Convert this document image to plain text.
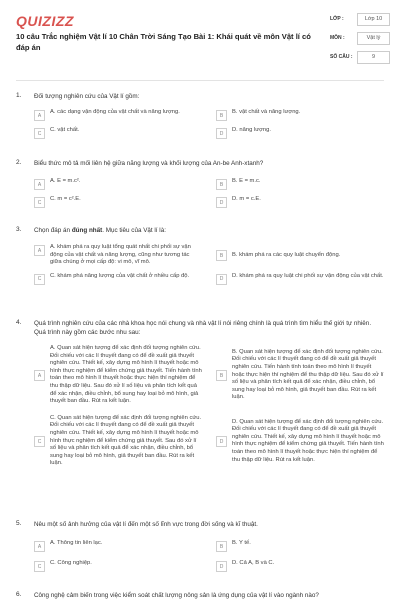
QUIZIZZ
10 câu Trắc nghiệm Vật lí 10 Chân Trời Sáng Tạo Bài 1: Khái quát về môn Vật lí có đáp án
LỚP :	Lớp 10
MÔN :	Vật lý
SỐ CÂU :	9
1. Đối tượng nghiên cứu của Vật lí gồm:
A
A. các dạng vận động của vật chất và năng lượng.
B
B. vật chất và năng lượng.
C
C. vật chất.
D
D. năng lượng.
2. Biểu thức mô tả mối liên hệ giữa năng lượng và khối lượng của An-be Anh-xtanh?
A
A. E = m.c².
B
B. E = m.c.
C
C. m = c².E.
D
D. m = c.E.
3. Chọn đáp án đúng nhất. Mục tiêu của Vật lí là:
A
A. khám phá ra quy luật tổng quát nhất chi phối sự vận động của vật chất và năng lượng, cũng như tương tác giữa chúng ở mọi cấp độ: vi mô, vĩ mô.
B	B. khám phá ra các quy luật chuyển động.
C
C. khám phá năng lượng của vật chất ở nhiều cấp độ.
D
D. khám phá ra quy luật chi phối sự vận động của vật chất.
4. Quá trình nghiên cứu của các nhà khoa học nói chung và nhà vật lí nói riêng chính là quá trình tìm hiểu thế giới tự nhiên. Quá trình này gồm các bước nhu sau:
A
A. Quan sát hiện tượng để xác định đối tượng nghiên cứu. Đối chiếu với các lí thuyết đang có để đề xuất giả thuyết nghiên cứu. Thiết kế, xây dựng mô hình lí thuyết hoặc mô hình thực nghiệm để kiểm chứng giả thuyết. Tiến hành tính toán theo mô hình lí thuyết hoặc thực hiện thí nghiệm để thu thập dữ liệu. Sau đó xử lí số liệu và phân tích kết quả để xác nhận, điều chỉnh, bổ sung hay loại bỏ mô hình, giả thuyết ban đầu. Rút ra kết luận.
B
B. Quan sát hiện tượng để xác định đối tượng nghiên cứu. Đối chiếu với các lí thuyết đang có để đề xuất giả thuyết nghiên cứu. Tiến hành tính toán theo mô hình lí thuyết hoặc thực hiện thí nghiệm để thu thập dữ liệu. Sau đó xử lí số liệu và phân tích kết quả để xác nhận, điều chỉnh, bổ sung hay loại bỏ mô hình, giả thuyết ban đầu. Rút ra kết luận.
C
C. Quan sát hiện tượng để xác định đối tượng nghiên cứu. Đối chiếu với các lí thuyết đang có để đề xuất giả thuyết nghiên cứu. Thiết kế, xây dựng mô hình lí thuyết hoặc mô hình thực nghiệm để kiểm chứng giả thuyết. Sau đó xử lí số liệu và phân tích kết quả để xác nhận, điều chỉnh, bổ sung hay loại bỏ mô hình, giả thuyết ban đầu. Rút ra kết luận.
D
D. Quan sát hiện tượng để xác định đối tượng nghiên cứu. Đối chiếu với các lí thuyết đang có để đề xuất giả thuyết nghiên cứu. Thiết kế, xây dựng mô hình lí thuyết hoặc mô hình thực nghiệm để kiểm chứng giả thuyết. Tiến hành tính toán theo mô hình lí thuyết hoặc thực hiện thí nghiệm để thu thập dữ liệu. Rút ra kết luận.
5. Nêu một số ảnh hưởng của vật lí đến một số lĩnh vực trong đời sống và kĩ thuật.
A
A. Thông tin liên lạc.
B
B. Y tế.
C
C. Công nghiệp.
D
D. Cả A, B và C.
6. Công nghệ cảm biến trong việc kiểm soát chất lượng nông sản là ứng dụng của vật lí vào ngành nào?
